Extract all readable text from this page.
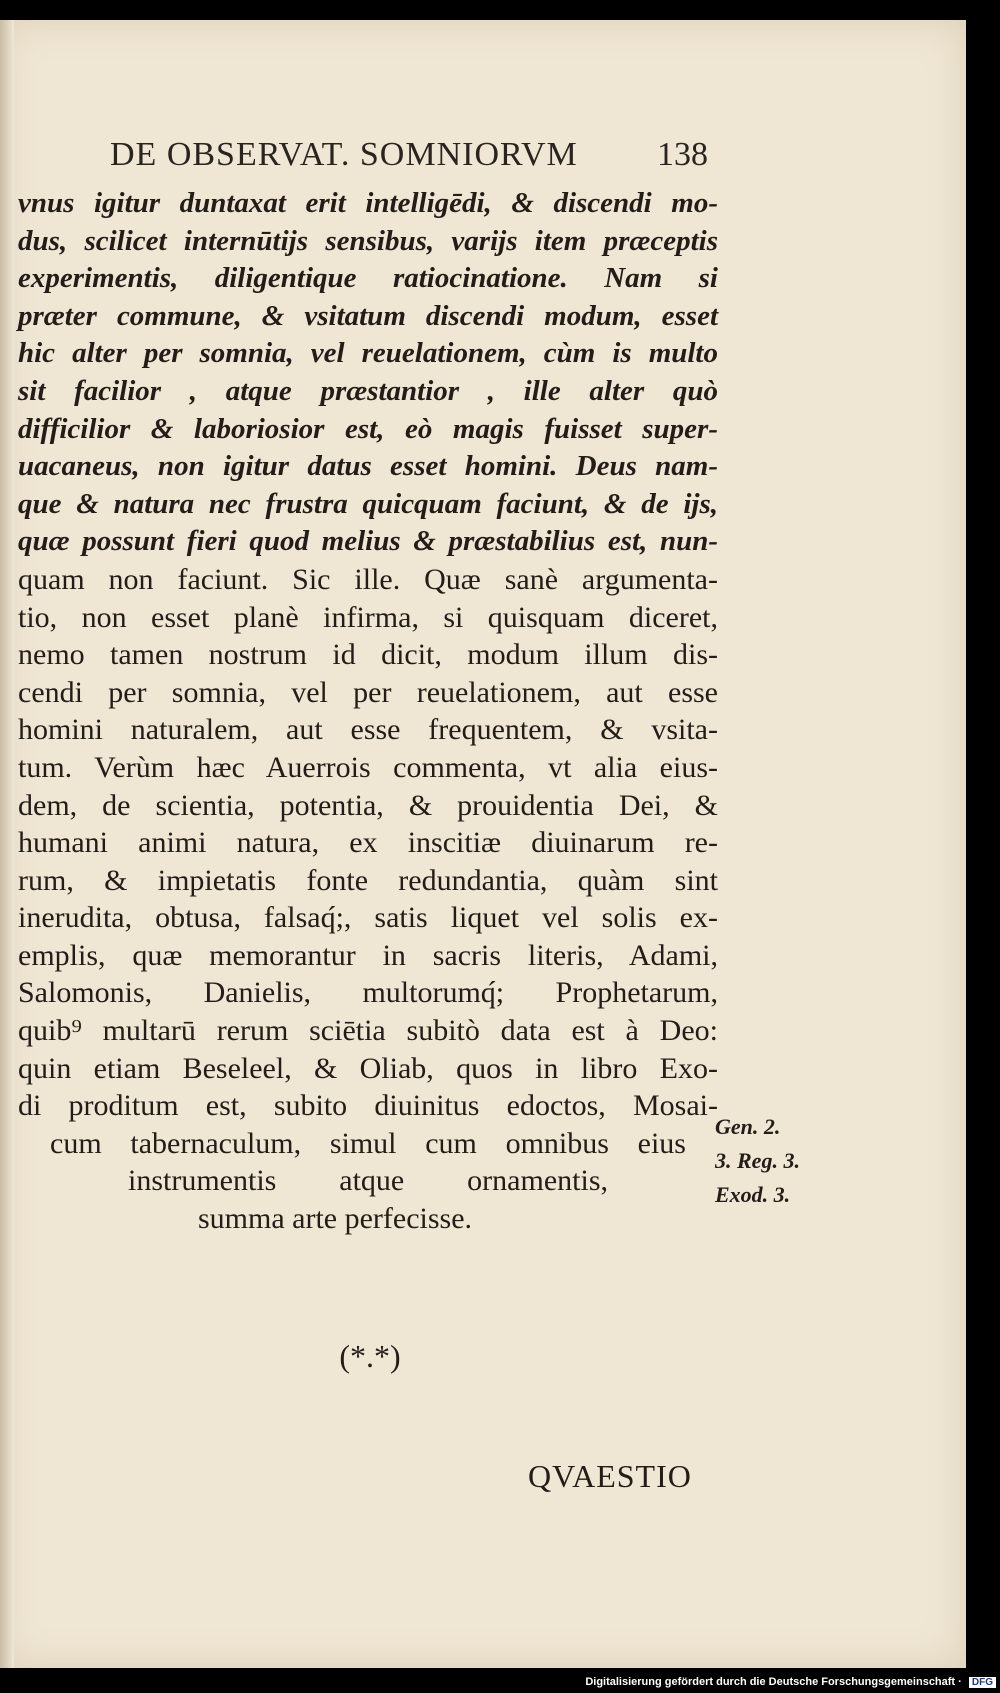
DE OBSERVAT. SOMNIORVM	138
vnus igitur duntaxat erit intelligēdi, & discendi mo-
dus, scilicet internūtijs sensibus, varijs item præceptis
experimentis, diligentique ratiocinatione. Nam si
præter commune, & vsitatum discendi modum, esset
hic alter per somnia, vel reuelationem, cùm is multo
sit facilior , atque præstantior , ille alter quò
difficilior & laboriosior est, eò magis fuisset super-
uacaneus, non igitur datus esset homini. Deus nam-
que & natura nec frustra quicquam faciunt, & de ijs,
quæ possunt fieri quod melius & præstabilius est, nun-
quam non faciunt. Sic ille. Quæ sanè argumenta-
tio, non esset planè infirma, si quisquam diceret,
nemo tamen nostrum id dicit, modum illum dis-
cendi per somnia, vel per reuelationem, aut esse
homini naturalem, aut esse frequentem, & vsita-
tum. Verùm hæc Auerrois commenta, vt alia eius-
dem, de scientia, potentia, & prouidentia Dei, &
humani animi natura, ex inscitiæ diuinarum re-
rum, & impietatis fonte redundantia, quàm sint
inerudita, obtusa, falsaq́;, satis liquet vel solis ex-
emplis, quæ memorantur in sacris literis, Adami,
Salomonis, Danielis, multorumq́; Prophetarum,
quib⁹ multarū rerum sciētia subitò data est à Deo:
quin etiam Beseleel, & Oliab, quos in libro Exo-
di proditum est, subito diuinitus edoctos, Mosai-
cum tabernaculum, simul cum omnibus eius
instrumentis atque ornamentis,
summa arte perfecisse.
Gen. 2.
3. Reg. 3.
Exod. 3.
(*.*)
QVAESTIO
Digitalisierung gefördert durch die Deutsche Forschungsgemeinschaft · DFG
